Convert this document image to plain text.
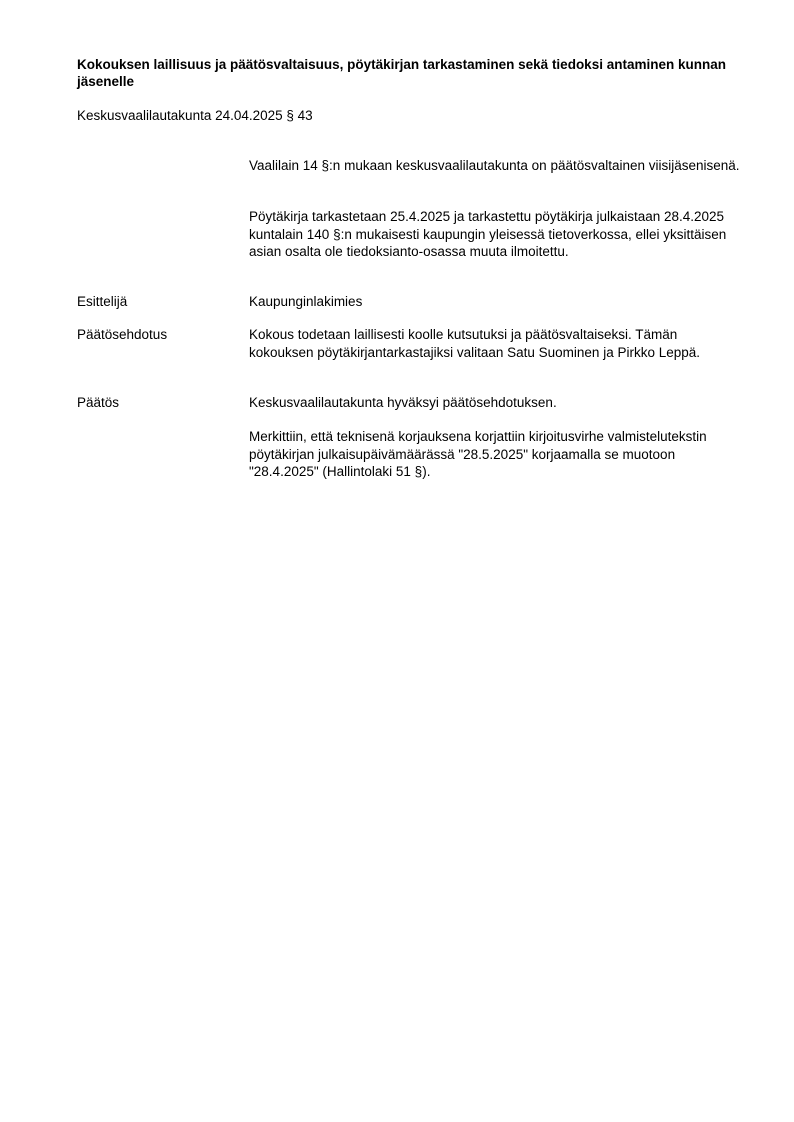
Kokouksen laillisuus ja päätösvaltaisuus, pöytäkirjan tarkastaminen sekä tiedoksi antaminen kunnan jäsenelle
Keskusvaalilautakunta 24.04.2025 § 43

Vaalilain 14 §:n mukaan keskusvaalilautakunta on päätösvaltainen viisijäsenisenä.

Pöytäkirja tarkastetaan 25.4.2025 ja tarkastettu pöytäkirja julkaistaan 28.4.2025 kuntalain 140 §:n mukaisesti kaupungin yleisessä tietoverkossa, ellei yksittäisen asian osalta ole tiedoksianto-osassa muuta ilmoitettu.

Esittelijä	Kaupunginlakimies

Päätösehdotus	Kokous todetaan laillisesti koolle kutsutuksi ja päätösvaltaiseksi. Tämän kokouksen pöytäkirjantarkastajiksi valitaan Satu Suominen ja Pirkko Leppä.

Päätös	Keskusvaalilautakunta hyväksyi päätösehdotuksen.

Merkittiin, että teknisenä korjauksena korjattiin kirjoitusvirhe valmistelutekstin pöytäkirjan julkaisupäivämäärässä "28.5.2025" korjaamalla se muotoon "28.4.2025" (Hallintolaki 51 §).
